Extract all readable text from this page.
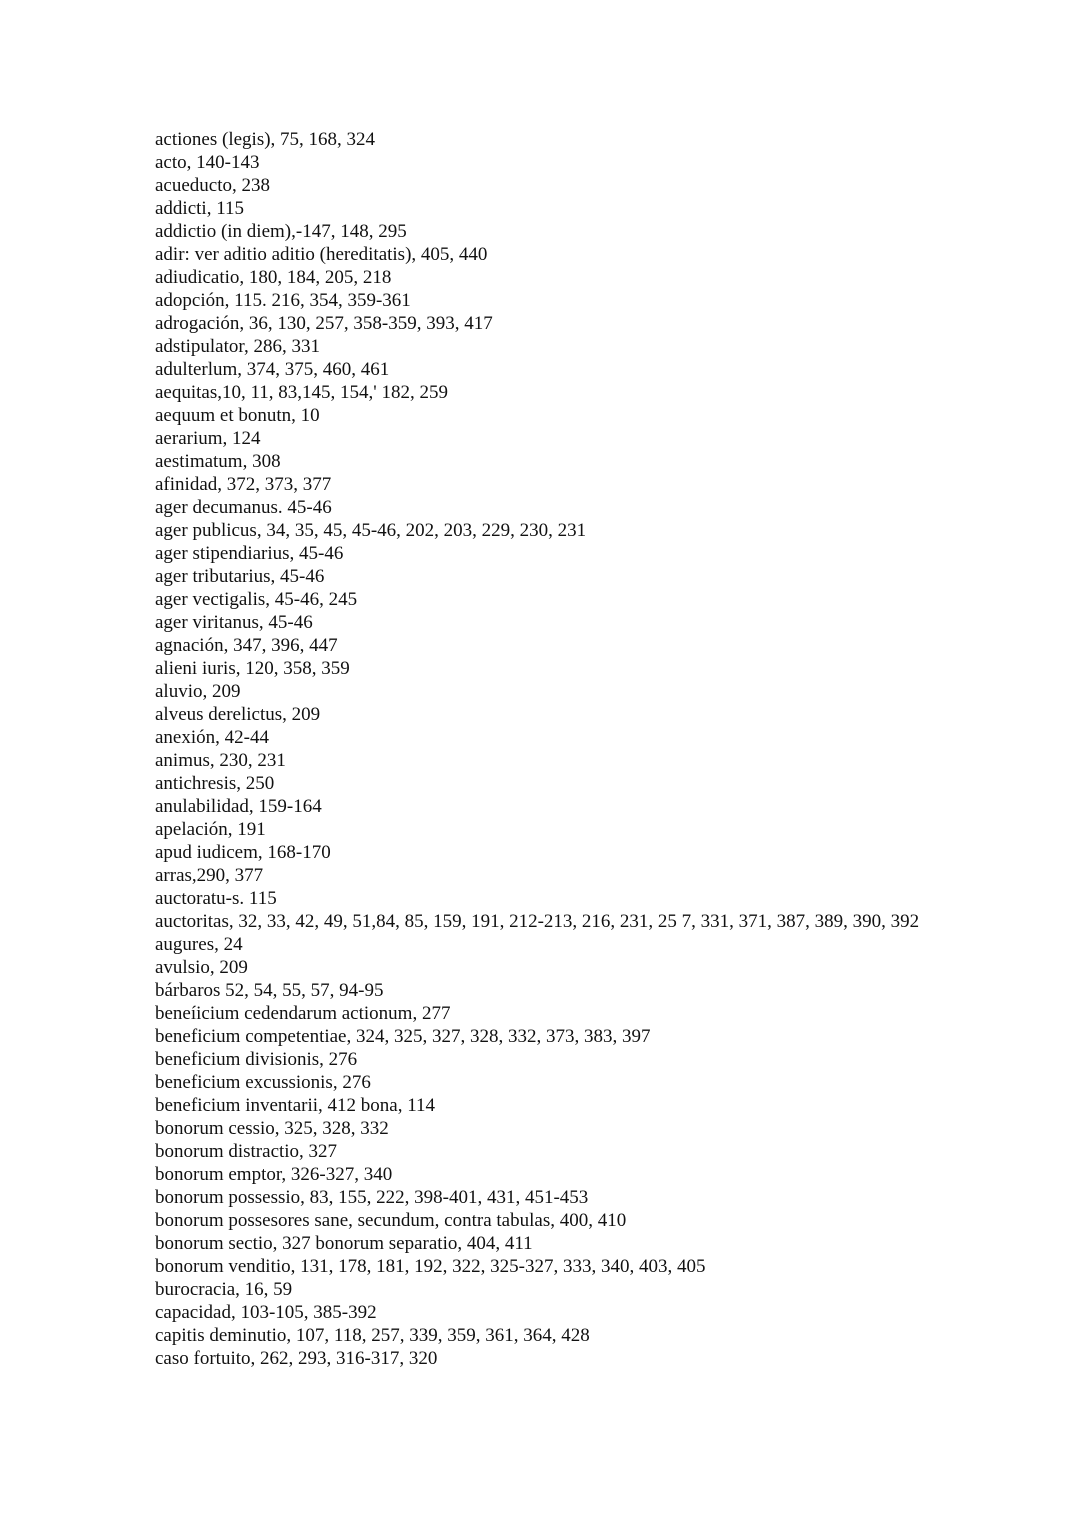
actiones (legis), 75, 168, 324

acto, 140-143

acueducto, 238

addicti, 115

addictio (in diem),-147, 148, 295

adir: ver aditio aditio (hereditatis), 405, 440

adiudicatio, 180, 184, 205, 218

adopción, 115. 216, 354, 359-361

adrogación, 36, 130, 257, 358-359, 393, 417

adstipulator, 286, 331

adulterlum, 374, 375, 460, 461

aequitas,10, 11, 83,145, 154,' 182, 259

aequum et bonutn, 10

aerarium, 124

aestimatum, 308

afinidad, 372, 373, 377

ager decumanus. 45-46

ager publicus, 34, 35, 45, 45-46, 202, 203, 229, 230, 231

ager stipendiarius, 45-46

ager tributarius, 45-46

ager vectigalis, 45-46, 245

ager viritanus, 45-46

agnación, 347, 396, 447

alieni iuris, 120, 358, 359

aluvio, 209

alveus derelictus, 209

anexión, 42-44

animus, 230, 231

antichresis, 250

anulabilidad, 159-164

apelación, 191

apud iudicem, 168-170

arras,290, 377

auctoratu-s. 115

auctoritas, 32, 33, 42, 49, 51,84, 85, 159, 191, 212-213, 216, 231, 25 7, 331, 371, 387, 389, 390, 392

augures, 24

avulsio, 209

bárbaros 52, 54, 55, 57, 94-95

beneíicium cedendarum actionum, 277

beneficium competentiae, 324, 325, 327, 328, 332, 373, 383, 397

beneficium divisionis, 276

beneficium excussionis, 276

beneficium inventarii, 412 bona, 114

bonorum cessio, 325, 328, 332

bonorum distractio, 327

bonorum emptor, 326-327, 340

bonorum possessio, 83, 155, 222, 398-401, 431, 451-453

bonorum possesores sane, secundum, contra tabulas, 400, 410

bonorum sectio, 327 bonorum separatio, 404, 411

bonorum venditio, 131, 178, 181, 192, 322, 325-327, 333, 340, 403, 405

burocracia, 16, 59

capacidad, 103-105, 385-392

capitis deminutio, 107, 118, 257, 339, 359, 361, 364, 428

caso fortuito, 262, 293, 316-317, 320
